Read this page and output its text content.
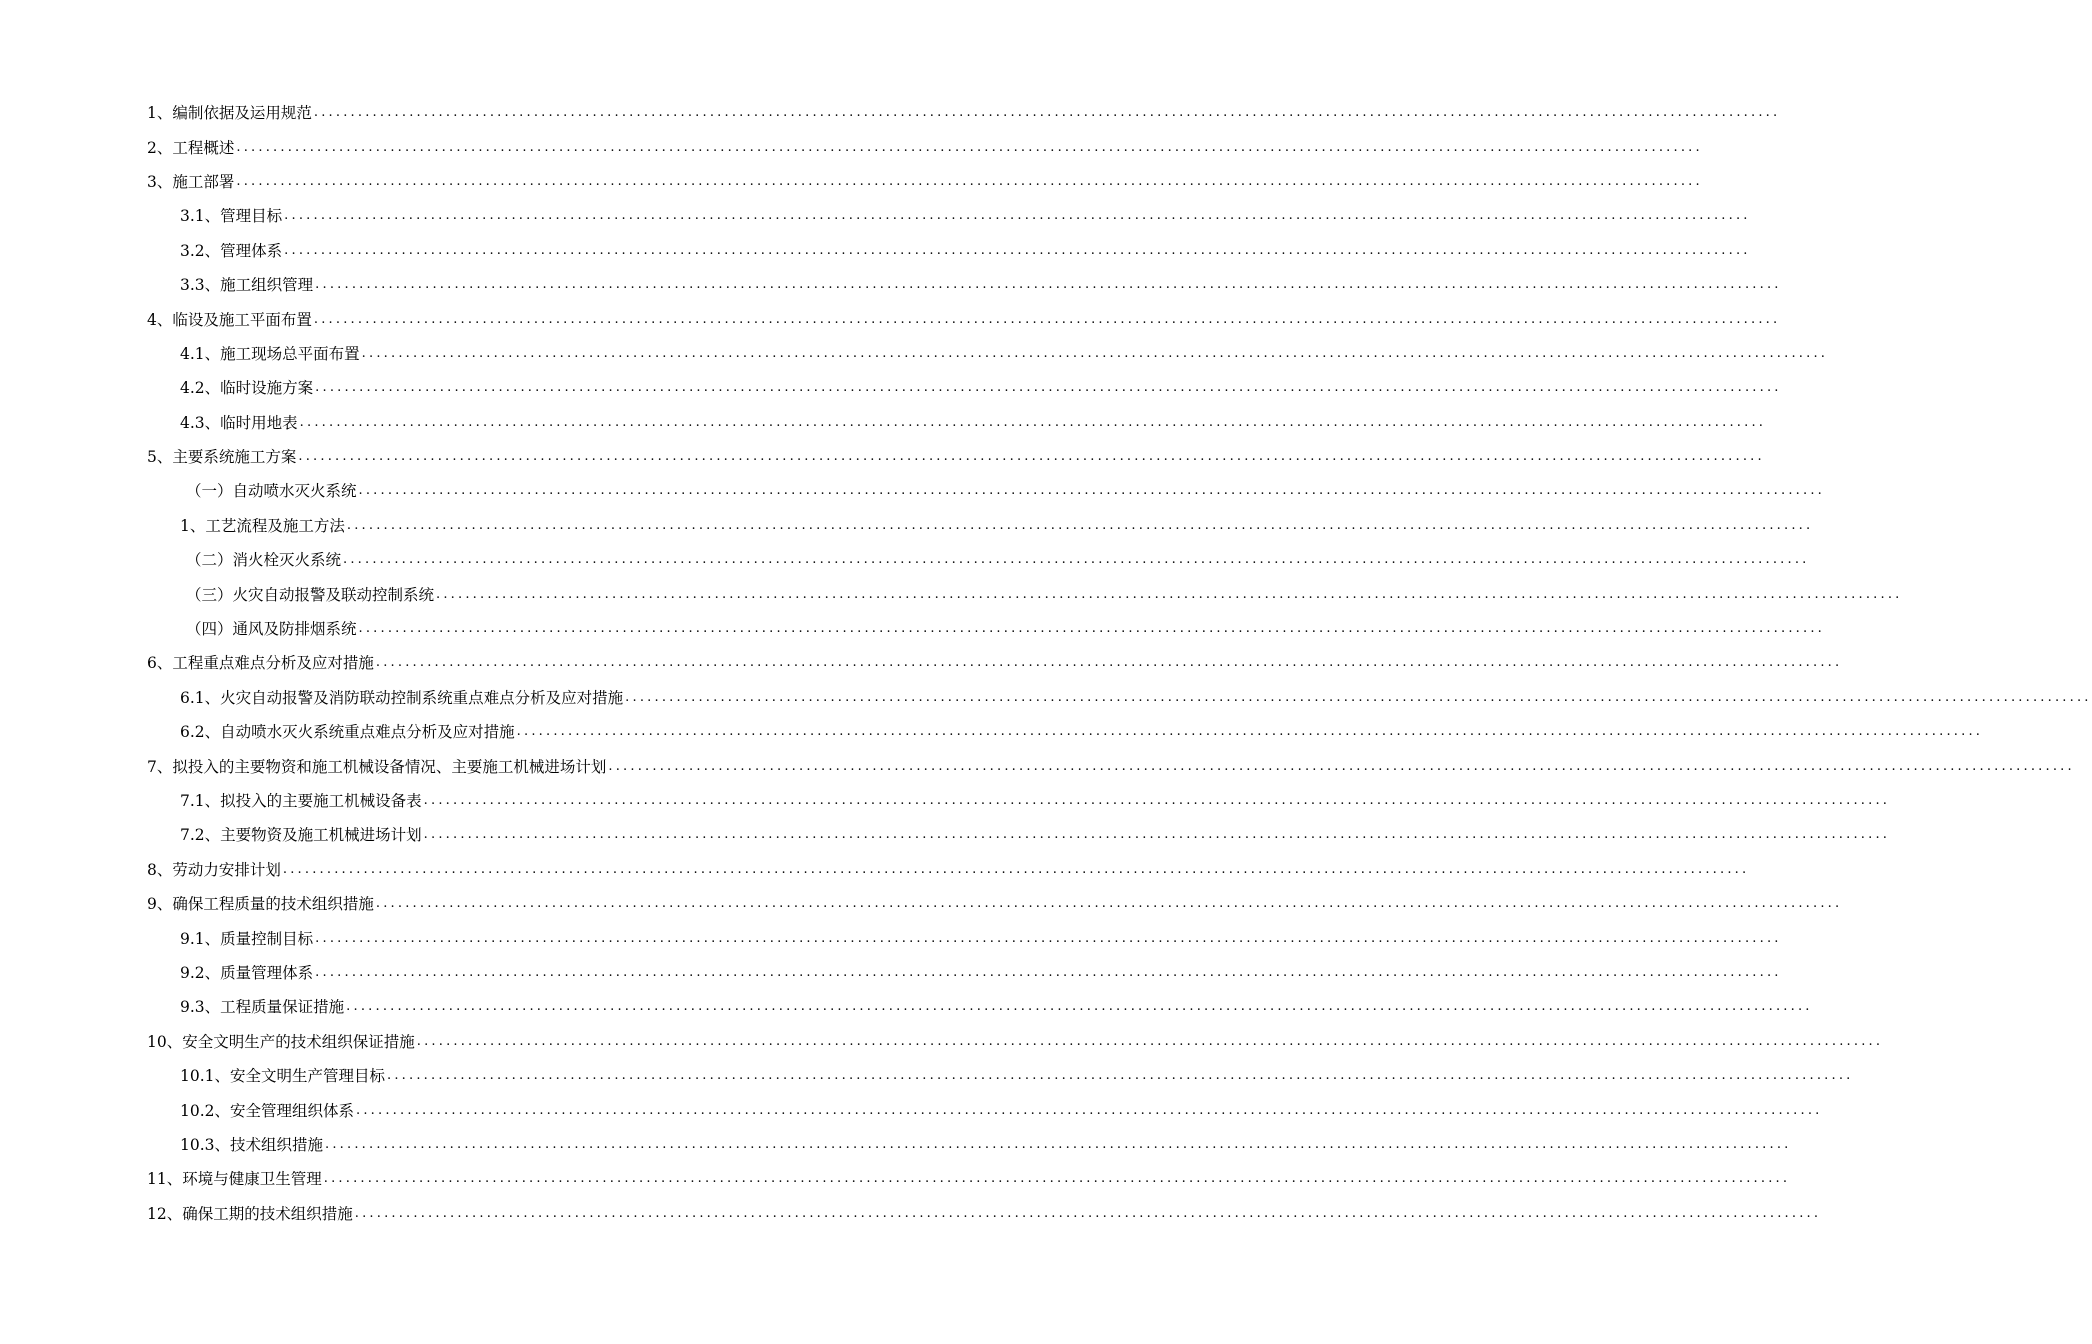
1、编制依据及运用规范 ........................................................................................................................................................................................................
2、工程概述 ........................................................................................................................................................................................................
3、施工部署 ........................................................................................................................................................................................................
3.1、管理目标 ........................................................................................................................................................................................................
3.2、管理体系 ........................................................................................................................................................................................................
3.3、施工组织管理 ........................................................................................................................................................................................................
4、临设及施工平面布置 ........................................................................................................................................................................................................
4.1、施工现场总平面布置 ........................................................................................................................................................................................................
4.2、临时设施方案 ........................................................................................................................................................................................................
4.3、临时用地表 ........................................................................................................................................................................................................
5、主要系统施工方案 ........................................................................................................................................................................................................
（一）自动喷水灭火系统 ........................................................................................................................................................................................................
1、工艺流程及施工方法 ........................................................................................................................................................................................................
（二）消火栓灭火系统 ........................................................................................................................................................................................................
（三）火灾自动报警及联动控制系统 ........................................................................................................................................................................................................
（四）通风及防排烟系统 ........................................................................................................................................................................................................
6、工程重点难点分析及应对措施 ........................................................................................................................................................................................................
6.1、火灾自动报警及消防联动控制系统重点难点分析及应对措施 ........................................................................................................................................................................................................
6.2、自动喷水灭火系统重点难点分析及应对措施 ........................................................................................................................................................................................................
7、拟投入的主要物资和施工机械设备情况、主要施工机械进场计划 ........................................................................................................................................................................................................
7.1、拟投入的主要施工机械设备表 ........................................................................................................................................................................................................
7.2、主要物资及施工机械进场计划 ........................................................................................................................................................................................................
8、劳动力安排计划 ........................................................................................................................................................................................................
9、确保工程质量的技术组织措施 ........................................................................................................................................................................................................
9.1、质量控制目标 ........................................................................................................................................................................................................
9.2、质量管理体系 ........................................................................................................................................................................................................
9.3、工程质量保证措施 ........................................................................................................................................................................................................
10、安全文明生产的技术组织保证措施 ........................................................................................................................................................................................................
10.1、安全文明生产管理目标 ........................................................................................................................................................................................................
10.2、安全管理组织体系 ........................................................................................................................................................................................................
10.3、技术组织措施 ........................................................................................................................................................................................................
11、环境与健康卫生管理 ........................................................................................................................................................................................................
12、确保工期的技术组织措施 ........................................................................................................................................................................................................
